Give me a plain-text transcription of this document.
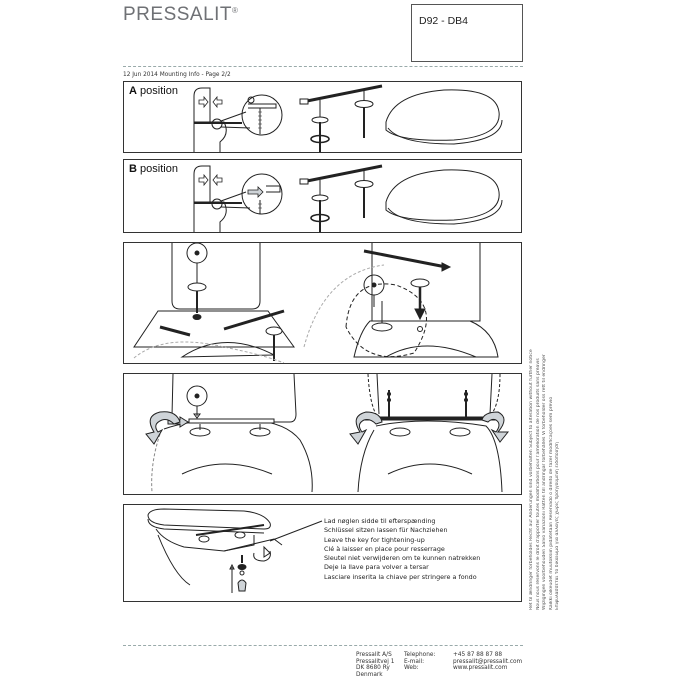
PRESSALIT®
D92 - DB4
12 Jun 2014 Mounting Info - Page 2/2
A position
B position
Lad nøglen sidde til efterspænding
Schlüssel sitzen lassen für Nachziehen
Leave the key for tightening-up
Clé à laisser en place pour resserrage
Sleutel niet verwijderen om te kunnen natrekken
Deje la llave para volver a tersar
Lasciare inserita la chiave per stringere a fondo	Ret til ændringer forbeholdes Recht auf Änderungen sind vorbehalten Subject to alteration without further notice Nous nous réservons le droit d'apporter toutes modifications pour l'amélioration de nos produits sans préavis Wijzigingen voorbehouden Salvo variazioni Rätten till ändringar förbehålles Vi forbeholder oss rett til endringer Kaikki oikeudet muutoksiin pidätetään Reservado o direito de fazer modificações sem prévio Επιφυλάσσεται το δικαίωμα για αλλαγές χωρίς προηγούμενη ειδοποίηση
Pressalit A/S
Pressalitvej 1
DK 8680 Ry
Denmark
Telephone:
E-mail:
Web:
+45 87 88 87 88
pressalit@pressalit.com
www.pressalit.com
